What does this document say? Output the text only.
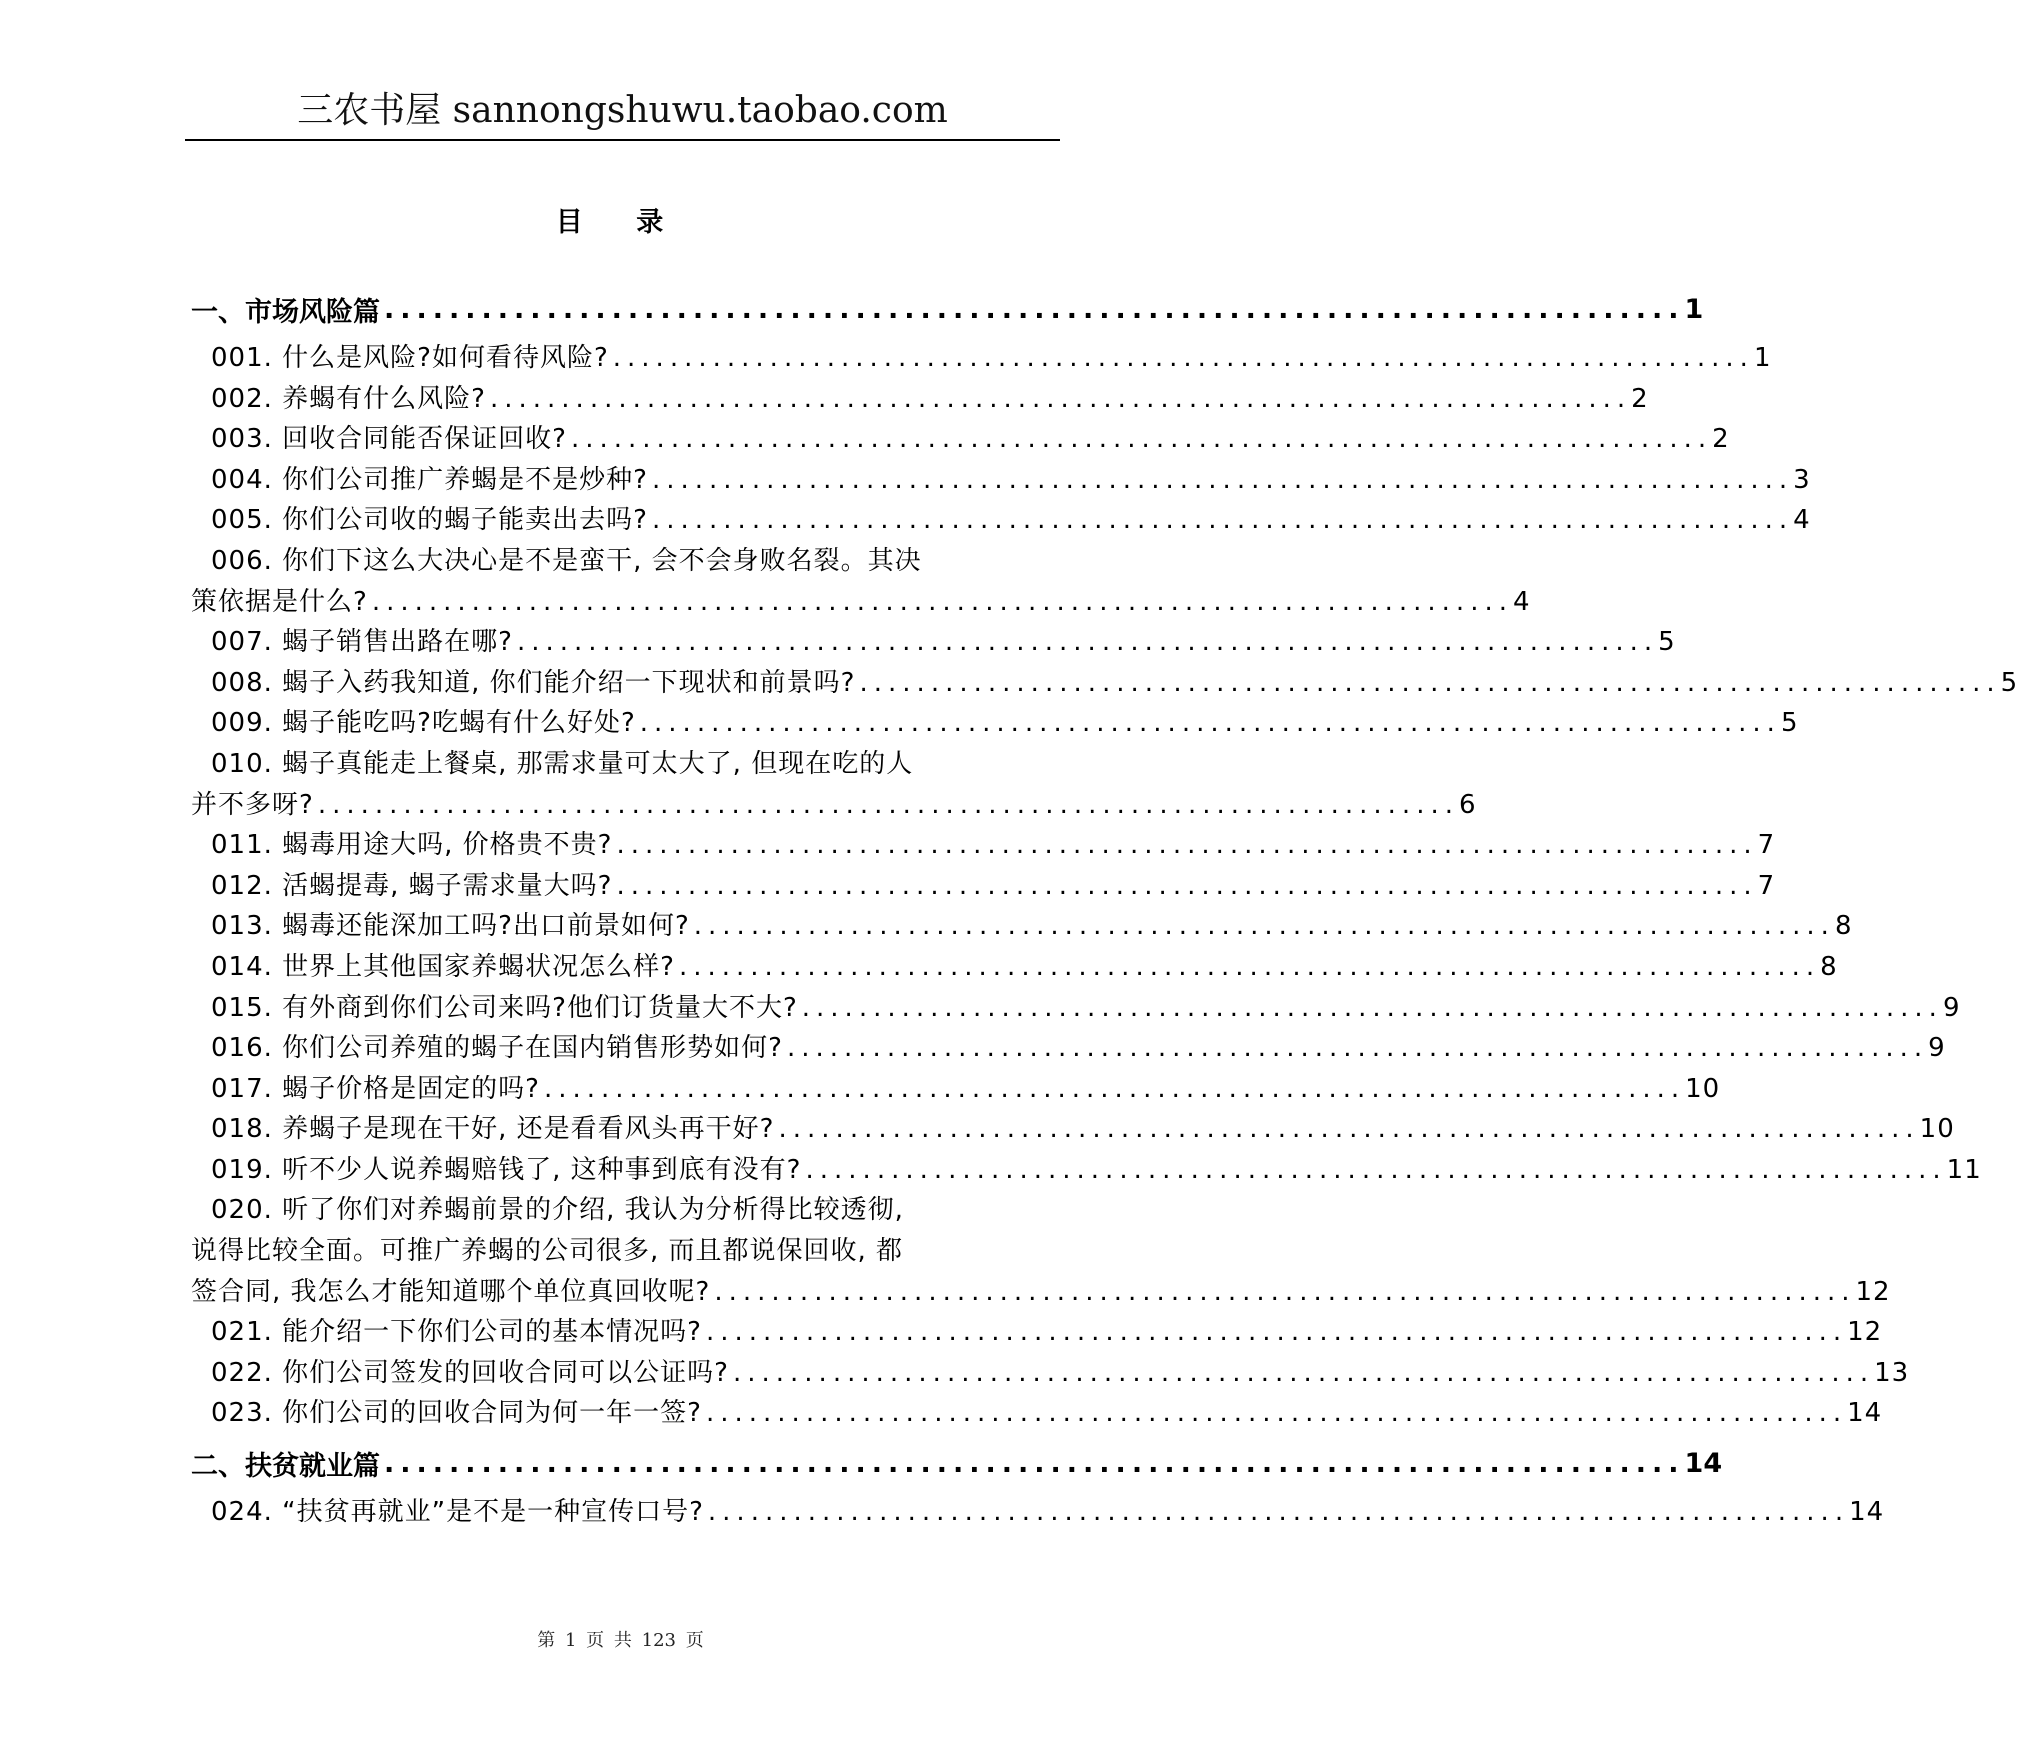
三农书屋 sannongshuwu.taobao.com
目 录
一、市场风险篇 ................................................................................ 1
001. 什么是风险?如何看待风险? ................................................................................ 1
002. 养蝎有什么风险? ................................................................................ 2
003. 回收合同能否保证回收? ................................................................................ 2
004. 你们公司推广养蝎是不是炒种? ................................................................................ 3
005. 你们公司收的蝎子能卖出去吗? ................................................................................ 4
006. 你们下这么大决心是不是蛮干, 会不会身败名裂。其决
策依据是什么? ................................................................................ 4
007. 蝎子销售出路在哪? ................................................................................ 5
008. 蝎子入药我知道, 你们能介绍一下现状和前景吗? ................................................................................ 5
009. 蝎子能吃吗?吃蝎有什么好处? ................................................................................ 5
010. 蝎子真能走上餐桌, 那需求量可太大了, 但现在吃的人
并不多呀? ................................................................................ 6
011. 蝎毒用途大吗, 价格贵不贵? ................................................................................ 7
012. 活蝎提毒, 蝎子需求量大吗? ................................................................................ 7
013. 蝎毒还能深加工吗?出口前景如何? ................................................................................ 8
014. 世界上其他国家养蝎状况怎么样? ................................................................................ 8
015. 有外商到你们公司来吗?他们订货量大不大? ................................................................................ 9
016. 你们公司养殖的蝎子在国内销售形势如何? ................................................................................ 9
017. 蝎子价格是固定的吗? ................................................................................ 10
018. 养蝎子是现在干好, 还是看看风头再干好? ................................................................................ 10
019. 听不少人说养蝎赔钱了, 这种事到底有没有? ................................................................................ 11
020. 听了你们对养蝎前景的介绍, 我认为分析得比较透彻,
说得比较全面。可推广养蝎的公司很多, 而且都说保回收, 都
签合同, 我怎么才能知道哪个单位真回收呢? ................................................................................ 12
021. 能介绍一下你们公司的基本情况吗? ................................................................................ 12
022. 你们公司签发的回收合同可以公证吗? ................................................................................ 13
023. 你们公司的回收合同为何一年一签? ................................................................................ 14
二、扶贫就业篇 ................................................................................ 14
024. “扶贫再就业”是不是一种宣传口号? ................................................................................ 14
第 1 页 共 123 页
